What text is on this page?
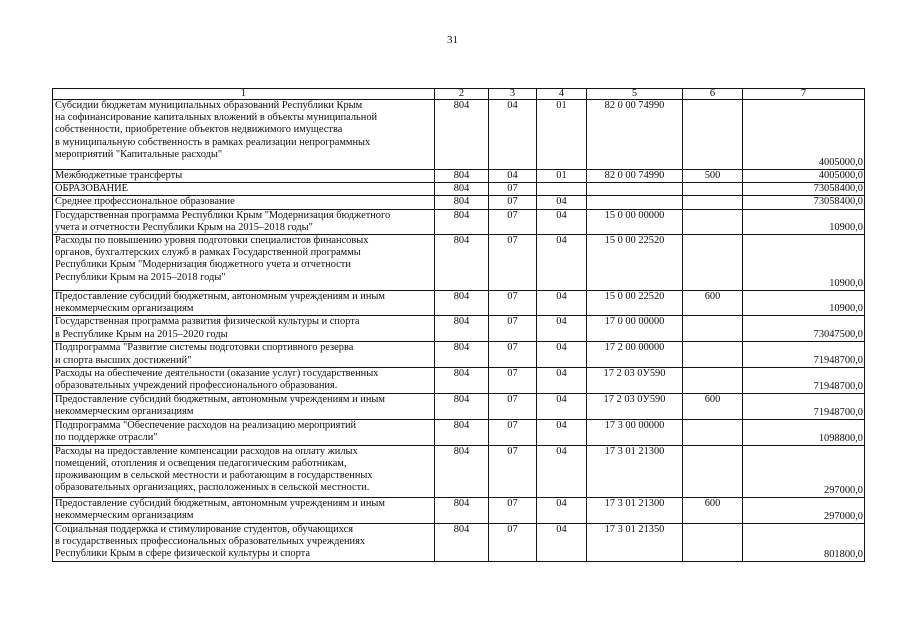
31
1	2	3	4	5	6	7
Субсидии бюджетам муниципальных образований Республики Крым
на софинансирование капитальных вложений в объекты муниципальной
собственности, приобретение объектов недвижимого имущества
в муниципальную собственность в рамках реализации непрограммных
мероприятий "Капитальные расходы"	804	04	01	82 0 00 74990		4005000,0
Межбюджетные трансферты	804	04	01	82 0 00 74990	500	4005000,0
ОБРАЗОВАНИЕ	804	07				73058400,0
Среднее профессиональное образование	804	07	04			73058400,0
Государственная программа Республики Крым "Модернизация бюджетного
учета и отчетности Республики Крым на 2015–2018 годы"	804	07	04	15 0 00 00000		10900,0
Расходы по повышению уровня подготовки специалистов финансовых
органов, бухгалтерских служб в рамках Государственной программы
Республики Крым "Модернизация бюджетного учета и отчетности
Республики Крым на 2015–2018 годы"	804	07	04	15 0 00 22520		10900,0
Предоставление субсидий бюджетным, автономным учреждениям и иным
некоммерческим организациям	804	07	04	15 0 00 22520	600	10900,0
Государственная программа развития физической культуры и спорта
в Республике Крым на 2015–2020 годы	804	07	04	17 0 00 00000		73047500,0
Подпрограмма "Развитие системы подготовки спортивного резерва
и спорта высших достижений"	804	07	04	17 2 00 00000		71948700,0
Расходы на обеспечение деятельности (оказание услуг) государственных
образовательных учреждений профессионального образования.	804	07	04	17 2 03 0У590		71948700,0
Предоставление субсидий бюджетным, автономным учреждениям и иным
некоммерческим организациям	804	07	04	17 2 03 0У590	600	71948700,0
Подпрограмма "Обеспечение расходов на реализацию мероприятий
по поддержке отрасли"	804	07	04	17 3 00 00000		1098800,0
Расходы на предоставление компенсации расходов на оплату жилых
помещений, отопления и освещения педагогическим работникам,
проживающим в сельской местности и работающим в государственных
образовательных организациях, расположенных в сельской местности.	804	07	04	17 3 01 21300		297000,0
Предоставление субсидий бюджетным, автономным учреждениям и иным
некоммерческим организациям	804	07	04	17 3 01 21300	600	297000,0
Социальная поддержка и стимулирование студентов, обучающихся
в государственных профессиональных образовательных учреждениях
Республики Крым в сфере физической культуры и спорта	804	07	04	17 3 01 21350		801800,0
